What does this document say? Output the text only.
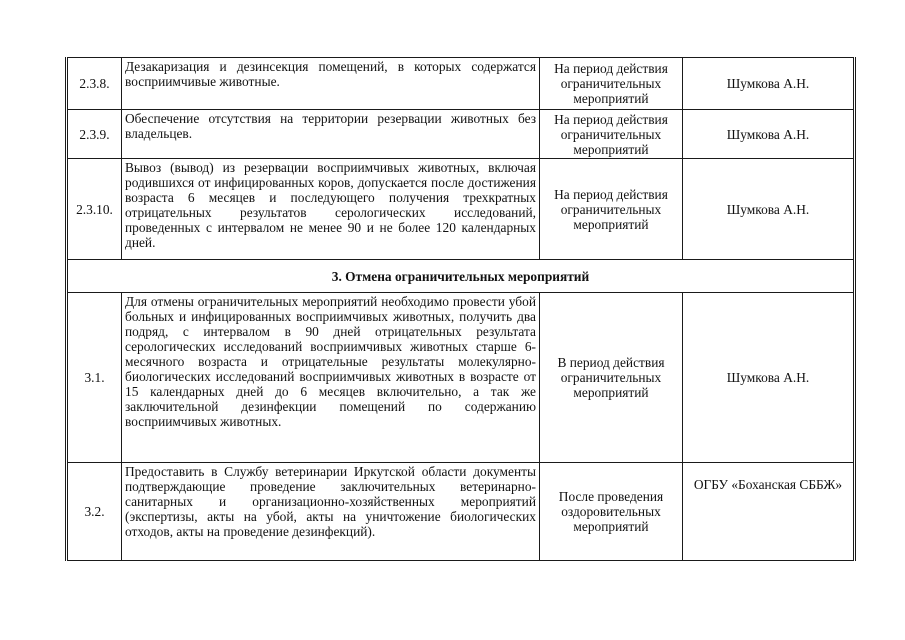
2.3.8.	Дезакаризация и дезинсекция помещений, в которых содержатся восприимчивые животные.	На период действия ограничительных мероприятий	Шумкова А.Н.
2.3.9.	Обеспечение отсутствия на территории резервации животных без владельцев.	На период действия ограничительных мероприятий	Шумкова А.Н.
2.3.10.	Вывоз (вывод) из резервации восприимчивых животных, включая родившихся от инфицированных коров, допускается после достижения возраста 6 месяцев и последующего получения трехкратных отрицательных результатов серологических исследований, проведенных с интервалом не менее 90 и не более 120 календарных дней.	На период действия ограничительных мероприятий	Шумкова А.Н.
3. Отмена ограничительных мероприятий			
3.1.	Для отмены ограничительных мероприятий необходимо провести убой больных и инфицированных восприимчивых животных, получить два подряд, с интервалом в 90 дней отрицательных результата серологических исследований восприимчивых животных старше 6-месячного возраста и отрицательные результаты молекулярно-биологических исследований восприимчивых животных в возрасте от 15 календарных дней до 6 месяцев включительно, а так же заключительной дезинфекции помещений по содержанию восприимчивых животных.	В период действия ограничительных мероприятий	Шумкова А.Н.
3.2.	Предоставить в Службу ветеринарии Иркутской области документы подтверждающие проведение заключительных ветеринарно-санитарных и организационно-хозяйственных мероприятий (экспертизы, акты на убой, акты на уничтожение биологических отходов, акты на проведение дезинфекций).	После проведения оздоровительных мероприятий	ОГБУ «Боханская СББЖ»
